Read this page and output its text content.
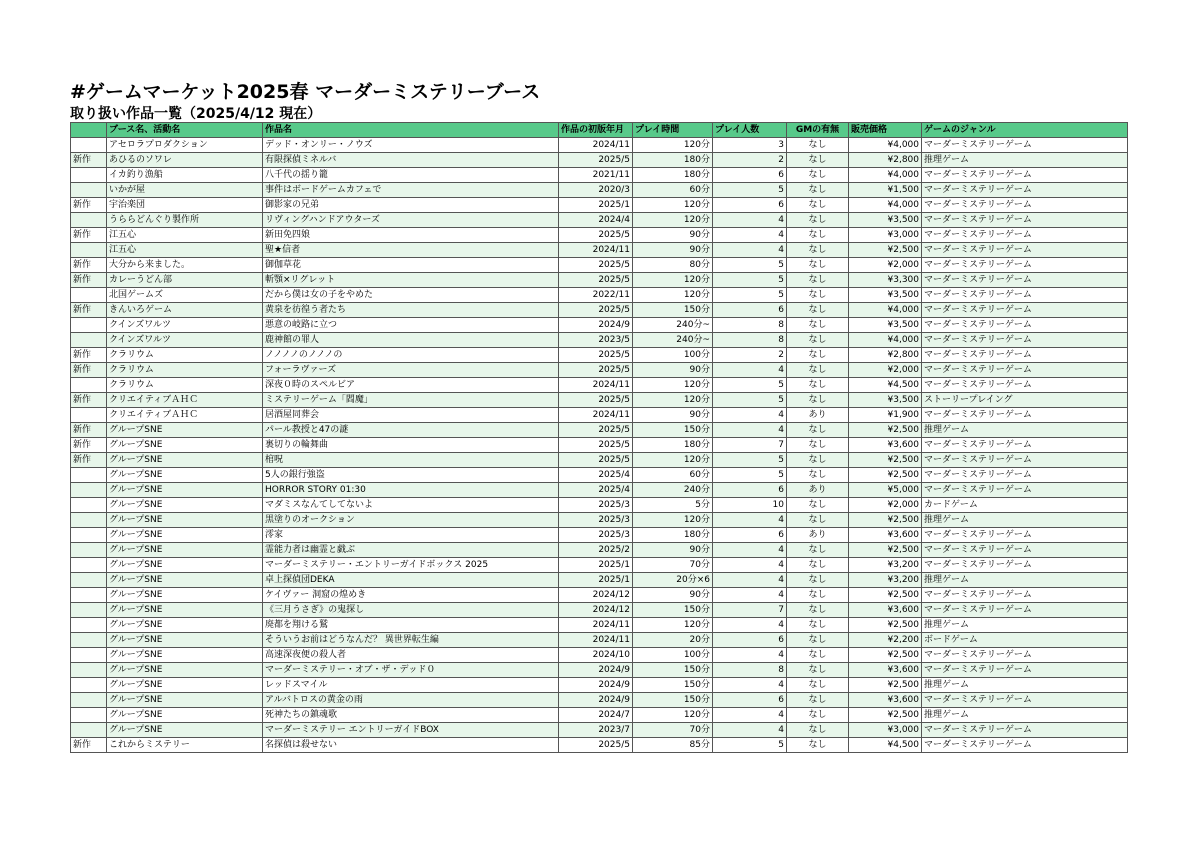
#ゲームマーケット2025春 マーダーミステリーブース
取り扱い作品一覧（2025/4/12 現在）
	ブース名、活動名	作品名	作品の初版年月	プレイ時間	プレイ人数	GMの有無	販売価格	ゲームのジャンル
	アセロラプロダクション	デッド・オンリー・ノウズ	2024/11	120分	3	なし	¥4,000	マーダーミステリーゲーム
新作	あひるのソワレ	有限探偵ミネルバ	2025/5	180分	2	なし	¥2,800	推理ゲーム
	イカ釣り漁船	八千代の揺り籠	2021/11	180分	6	なし	¥4,000	マーダーミステリーゲーム
	いかが屋	事件はボードゲームカフェで	2020/3	60分	5	なし	¥1,500	マーダーミステリーゲーム
新作	宇治楽団	御影家の兄弟	2025/1	120分	6	なし	¥4,000	マーダーミステリーゲーム
	うららどんぐり製作所	リヴィングハンドアウターズ	2024/4	120分	4	なし	¥3,500	マーダーミステリーゲーム
新作	江五心	新田免四娘	2025/5	90分	4	なし	¥3,000	マーダーミステリーゲーム
	江五心	聖★信者	2024/11	90分	4	なし	¥2,500	マーダーミステリーゲーム
新作	大分から来ました。	御伽草花	2025/5	80分	5	なし	¥2,000	マーダーミステリーゲーム
新作	カレーうどん部	斬顎×リグレット	2025/5	120分	5	なし	¥3,300	マーダーミステリーゲーム
	北国ゲームズ	だから僕は女の子をやめた	2022/11	120分	5	なし	¥3,500	マーダーミステリーゲーム
新作	きんいろゲーム	黄泉を彷徨う者たち	2025/5	150分	6	なし	¥4,000	マーダーミステリーゲーム
	クインズワルツ	悪意の岐路に立つ	2024/9	240分~	8	なし	¥3,500	マーダーミステリーゲーム
	クインズワルツ	鹿神館の罪人	2023/5	240分~	8	なし	¥4,000	マーダーミステリーゲーム
新作	クラリウム	ノノノノのノノノの	2025/5	100分	2	なし	¥2,800	マーダーミステリーゲーム
新作	クラリウム	フォーラヴァーズ	2025/5	90分	4	なし	¥2,000	マーダーミステリーゲーム
	クラリウム	深夜０時のスペルビア	2024/11	120分	5	なし	¥4,500	マーダーミステリーゲーム
新作	クリエイティブＡＨＣ	ミステリーゲーム「閻魔」	2025/5	120分	5	なし	¥3,500	ストーリープレイング
	クリエイティブＡＨＣ	居酒屋同葬会	2024/11	90分	4	あり	¥1,900	マーダーミステリーゲーム
新作	グループSNE	パール教授と47の謎	2025/5	150分	4	なし	¥2,500	推理ゲーム
新作	グループSNE	裏切りの輪舞曲	2025/5	180分	7	なし	¥3,600	マーダーミステリーゲーム
新作	グループSNE	棺呪	2025/5	120分	5	なし	¥2,500	マーダーミステリーゲーム
	グループSNE	5人の銀行強盗	2025/4	60分	5	なし	¥2,500	マーダーミステリーゲーム
	グループSNE	HORROR STORY 01:30	2025/4	240分	6	あり	¥5,000	マーダーミステリーゲーム
	グループSNE	マダミスなんてしてないよ	2025/3	5分	10	なし	¥2,000	カードゲーム
	グループSNE	黒塗りのオークション	2025/3	120分	4	なし	¥2,500	推理ゲーム
	グループSNE	澪家	2025/3	180分	6	あり	¥3,600	マーダーミステリーゲーム
	グループSNE	霊能力者は幽霊と戯ぶ	2025/2	90分	4	なし	¥2,500	マーダーミステリーゲーム
	グループSNE	マーダーミステリー・エントリーガイドボックス 2025	2025/1	70分	4	なし	¥3,200	マーダーミステリーゲーム
	グループSNE	卓上探偵団DEKA	2025/1	20分×6	4	なし	¥3,200	推理ゲーム
	グループSNE	ケイヴァー 洞窟の煌めき	2024/12	90分	4	なし	¥2,500	マーダーミステリーゲーム
	グループSNE	《三月うさぎ》の鬼探し	2024/12	150分	7	なし	¥3,600	マーダーミステリーゲーム
	グループSNE	廃都を翔ける鷲	2024/11	120分	4	なし	¥2,500	推理ゲーム
	グループSNE	そういうお前はどうなんだ？ 異世界転生編	2024/11	20分	6	なし	¥2,200	ボードゲーム
	グループSNE	高速深夜便の殺人者	2024/10	100分	4	なし	¥2,500	マーダーミステリーゲーム
	グループSNE	マーダーミステリー・オブ・ザ・デッド０	2024/9	150分	8	なし	¥3,600	マーダーミステリーゲーム
	グループSNE	レッドスマイル	2024/9	150分	4	なし	¥2,500	推理ゲーム
	グループSNE	アルバトロスの黄金の雨	2024/9	150分	6	なし	¥3,600	マーダーミステリーゲーム
	グループSNE	死神たちの鎮魂歌	2024/7	120分	4	なし	¥2,500	推理ゲーム
	グループSNE	マーダーミステリー エントリーガイドBOX	2023/7	70分	4	なし	¥3,000	マーダーミステリーゲーム
新作	これからミステリー	名探偵は殺せない	2025/5	85分	5	なし	¥4,500	マーダーミステリーゲーム
